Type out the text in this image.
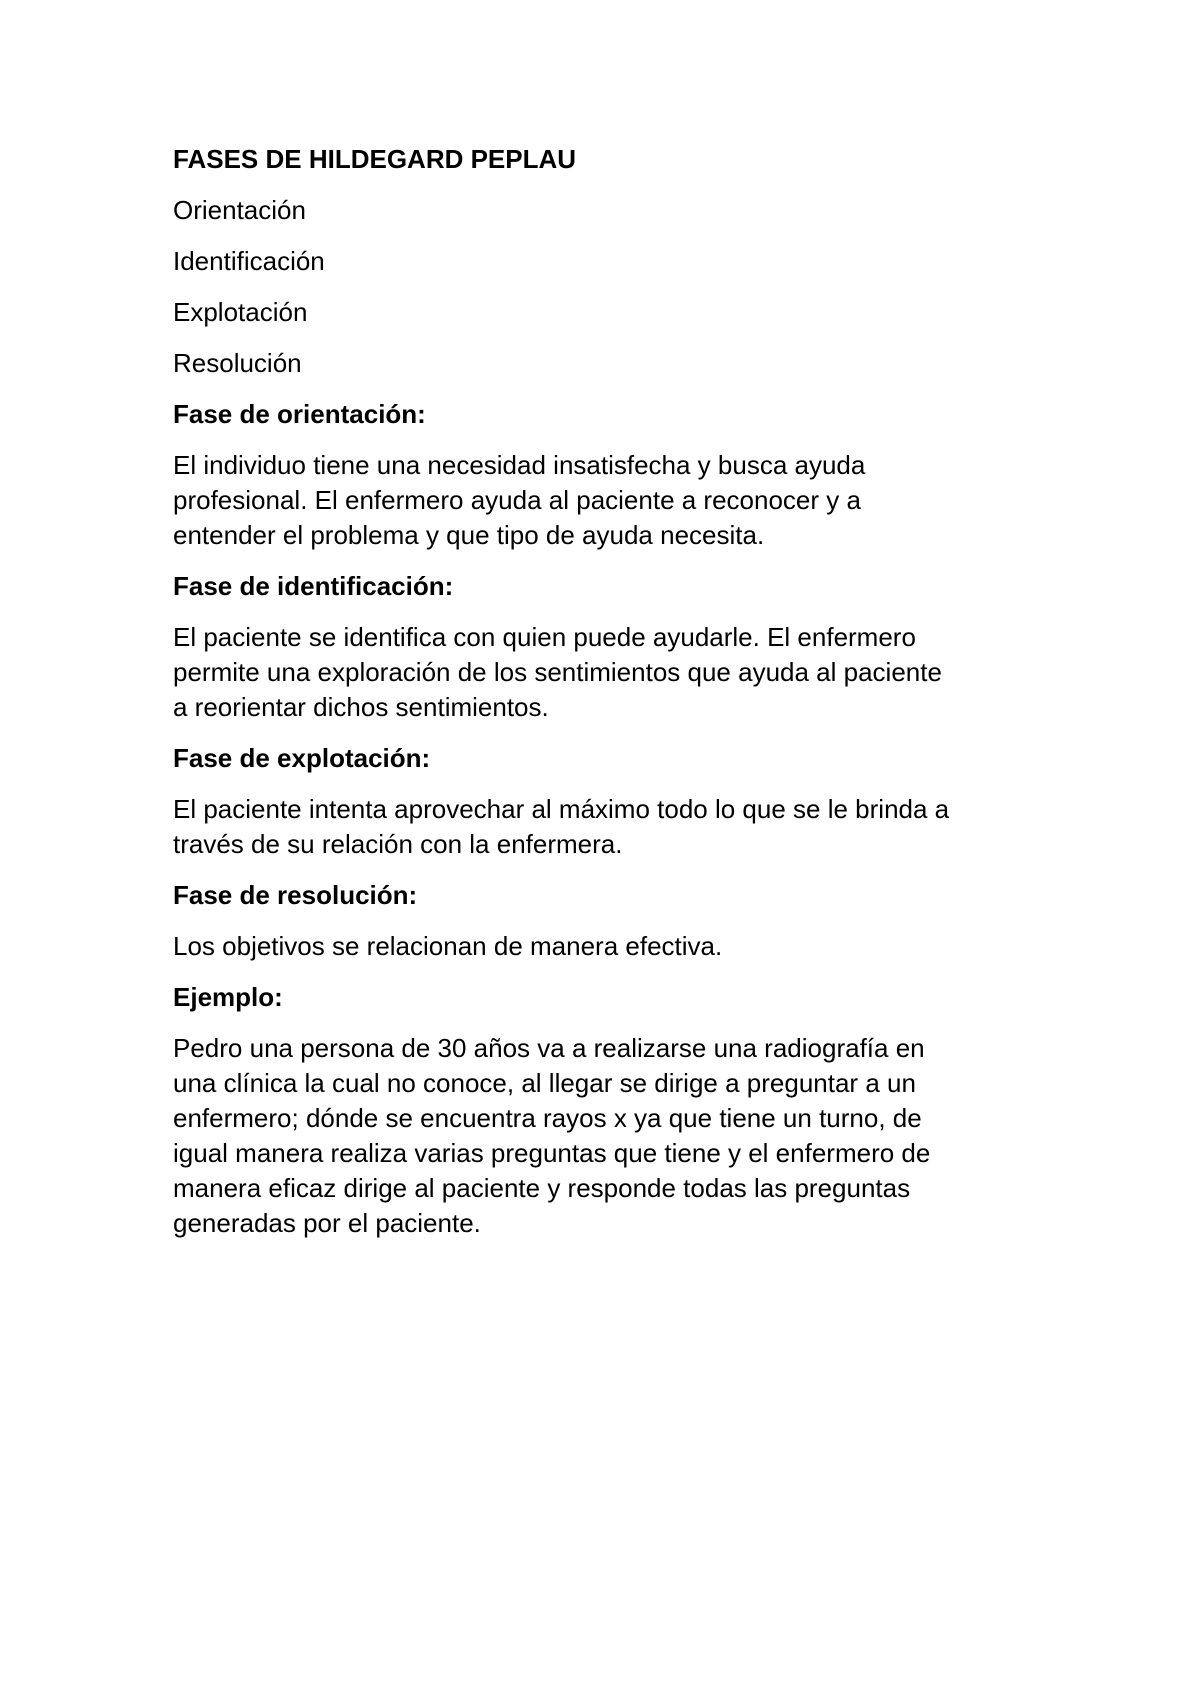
FASES DE HILDEGARD PEPLAU

Orientación

Identificación

Explotación

Resolución

Fase de orientación:

El individuo tiene una necesidad insatisfecha y busca ayuda
profesional. El enfermero ayuda al paciente a reconocer y a
entender el problema y que tipo de ayuda necesita.

Fase de identificación:

El paciente se identifica con quien puede ayudarle. El enfermero
permite una exploración de los sentimientos que ayuda al paciente
a reorientar dichos sentimientos.

Fase de explotación:

El paciente intenta aprovechar al máximo todo lo que se le brinda a
través de su relación con la enfermera.

Fase de resolución:

Los objetivos se relacionan de manera efectiva.

Ejemplo:

Pedro una persona de 30 años va a realizarse una radiografía en
una clínica la cual no conoce, al llegar se dirige a preguntar a un
enfermero; dónde se encuentra rayos x ya que tiene un turno, de
igual manera realiza varias preguntas que tiene y el enfermero de
manera eficaz dirige al paciente y responde todas las preguntas
generadas por el paciente.
